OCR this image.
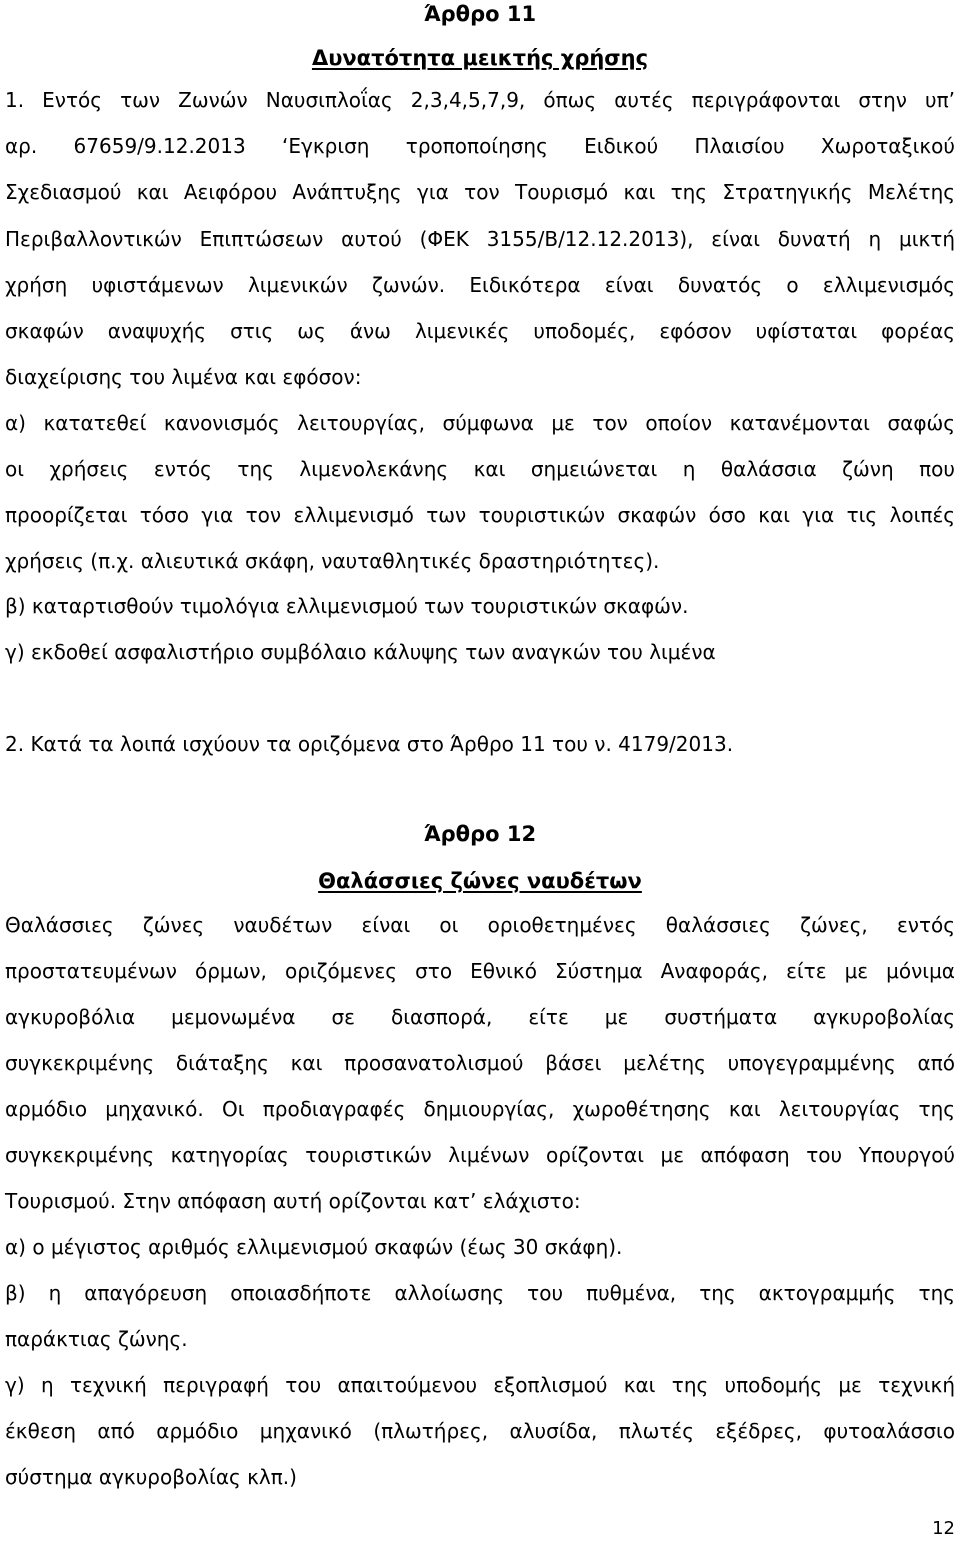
Άρθρο 11

Δυνατότητα μεικτής χρήσης

1. Εντός των Ζωνών Ναυσιπλοΐας 2,3,4,5,7,9, όπως αυτές περιγράφονται στην υπ’

αρ. 67659/9.12.2013 ‘Εγκριση τροποποίησης Ειδικού Πλαισίου Χωροταξικού

Σχεδιασμού και Αειφόρου Ανάπτυξης για τον Τουρισμό και της Στρατηγικής Μελέτης

Περιβαλλοντικών Επιπτώσεων αυτού (ΦΕΚ 3155/Β/12.12.2013), είναι δυνατή η μικτή

χρήση υφιστάμενων λιμενικών ζωνών. Ειδικότερα είναι δυνατός ο ελλιμενισμός

σκαφών αναψυχής στις ως άνω λιμενικές υποδομές, εφόσον υφίσταται φορέας

διαχείρισης του λιμένα και εφόσον:

α) κατατεθεί κανονισμός λειτουργίας, σύμφωνα με τον οποίον κατανέμονται σαφώς

οι χρήσεις εντός της λιμενολεκάνης και σημειώνεται η θαλάσσια ζώνη που

προορίζεται τόσο για τον ελλιμενισμό των τουριστικών σκαφών όσο και για τις λοιπές

χρήσεις (π.χ. αλιευτικά σκάφη, ναυταθλητικές δραστηριότητες).

β) καταρτισθούν τιμολόγια ελλιμενισμού των τουριστικών σκαφών.

γ) εκδοθεί ασφαλιστήριο συμβόλαιο κάλυψης των αναγκών του λιμένα

2. Κατά τα λοιπά ισχύουν τα οριζόμενα στο Άρθρο 11 του ν. 4179/2013.

Άρθρο 12

Θαλάσσιες ζώνες ναυδέτων

Θαλάσσιες ζώνες ναυδέτων είναι οι οριοθετημένες θαλάσσιες ζώνες, εντός

προστατευμένων όρμων, οριζόμενες στο Εθνικό Σύστημα Αναφοράς, είτε με μόνιμα

αγκυροβόλια μεμονωμένα σε διασπορά, είτε με συστήματα αγκυροβολίας

συγκεκριμένης διάταξης και προσανατολισμού βάσει μελέτης υπογεγραμμένης από

αρμόδιο μηχανικό. Οι προδιαγραφές δημιουργίας, χωροθέτησης και λειτουργίας της

συγκεκριμένης κατηγορίας τουριστικών λιμένων ορίζονται με απόφαση του Υπουργού

Τουρισμού. Στην απόφαση αυτή ορίζονται κατ’ ελάχιστο:

α) ο μέγιστος αριθμός ελλιμενισμού σκαφών (έως 30 σκάφη).

β) η απαγόρευση οποιασδήποτε αλλοίωσης του πυθμένα, της ακτογραμμής της

παράκτιας ζώνης.

γ) η τεχνική περιγραφή του απαιτούμενου εξοπλισμού και της υποδομής με τεχνική

έκθεση από αρμόδιο μηχανικό (πλωτήρες, αλυσίδα, πλωτές εξέδρες, φυτοαλάσσιο

σύστημα αγκυροβολίας κλπ.)

12
